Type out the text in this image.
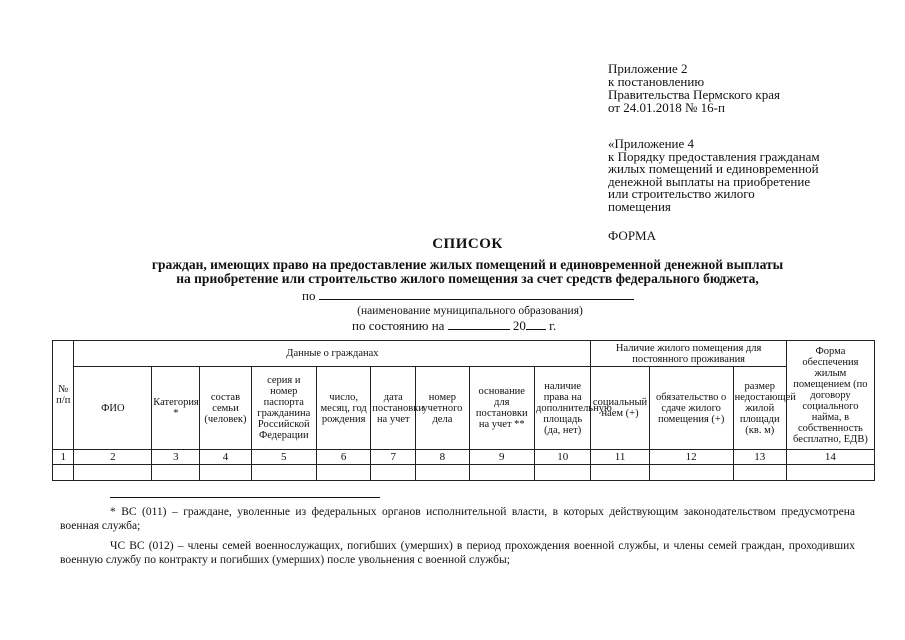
Приложение 2
к постановлению
Правительства Пермского края
от 24.01.2018 № 16-п
«Приложение 4
к Порядку предоставления гражданам
жилых помещений и единовременной
денежной выплаты на приобретение
или строительство жилого
помещения
ФОРМА
СПИСОК
граждан, имеющих право на предоставление жилых помещений и единовременной денежной выплаты
на приобретение или строительство жилого помещения за счет средств федерального бюджета,
по
(наименование муниципального образования)
по состоянию на	20 г.
№ п/п	Данные о гражданах									Наличие жилого помещения для постоянного проживания			Форма обеспечения жилым помещением (по договору социального найма, в собственность бесплатно, ЕДВ)
	ФИО	Категория *	состав семьи (человек)	серия и номер паспорта гражданина Российской Федерации	число, месяц, год рождения	дата постановки на учет	номер учетного дела	основание для постановки на учет **	наличие права на дополнительную площадь (да, нет)	социальный наем (+)	обязательство о сдаче жилого помещения (+)	размер недостающей жилой площади (кв. м)	
1	2	3	4	5	6	7	8	9	10	11	12	13	14

* ВС (011) – граждане, уволенные из федеральных органов исполнительной власти, в которых действующим законодательством предусмотрена военная служба;

ЧС ВС (012) – члены семей военнослужащих, погибших (умерших) в период прохождения военной службы, и члены семей граждан, проходивших военную службу по контракту и погибших (умерших) после увольнения с военной службы;
